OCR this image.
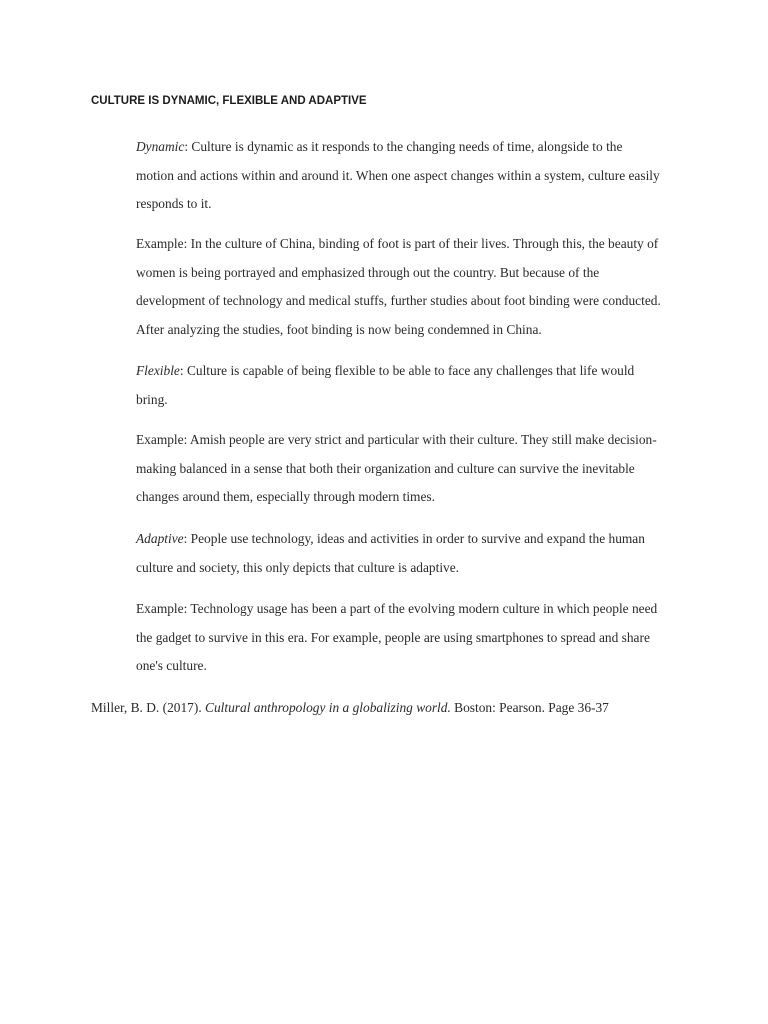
CULTURE IS DYNAMIC, FLEXIBLE AND ADAPTIVE
Dynamic: Culture is dynamic as it responds to the changing needs of time, alongside to the
motion and actions within and around it. When one aspect changes within a system, culture easily
responds to it.
Example: In the culture of China, binding of foot is part of their lives. Through this, the beauty of
women is being portrayed and emphasized through out the country. But because of the
development of technology and medical stuffs, further studies about foot binding were conducted.
After analyzing the studies, foot binding is now being condemned in China.
Flexible: Culture is capable of being flexible to be able to face any challenges that life would
bring.
Example: Amish people are very strict and particular with their culture. They still make decision-
making balanced in a sense that both their organization and culture can survive the inevitable
changes around them, especially through modern times.
Adaptive: People use technology, ideas and activities in order to survive and expand the human
culture and society, this only depicts that culture is adaptive.
Example: Technology usage has been a part of the evolving modern culture in which people need
the gadget to survive in this era. For example, people are using smartphones to spread and share
one's culture.
Miller, B. D. (2017). Cultural anthropology in a globalizing world. Boston: Pearson. Page 36-37
